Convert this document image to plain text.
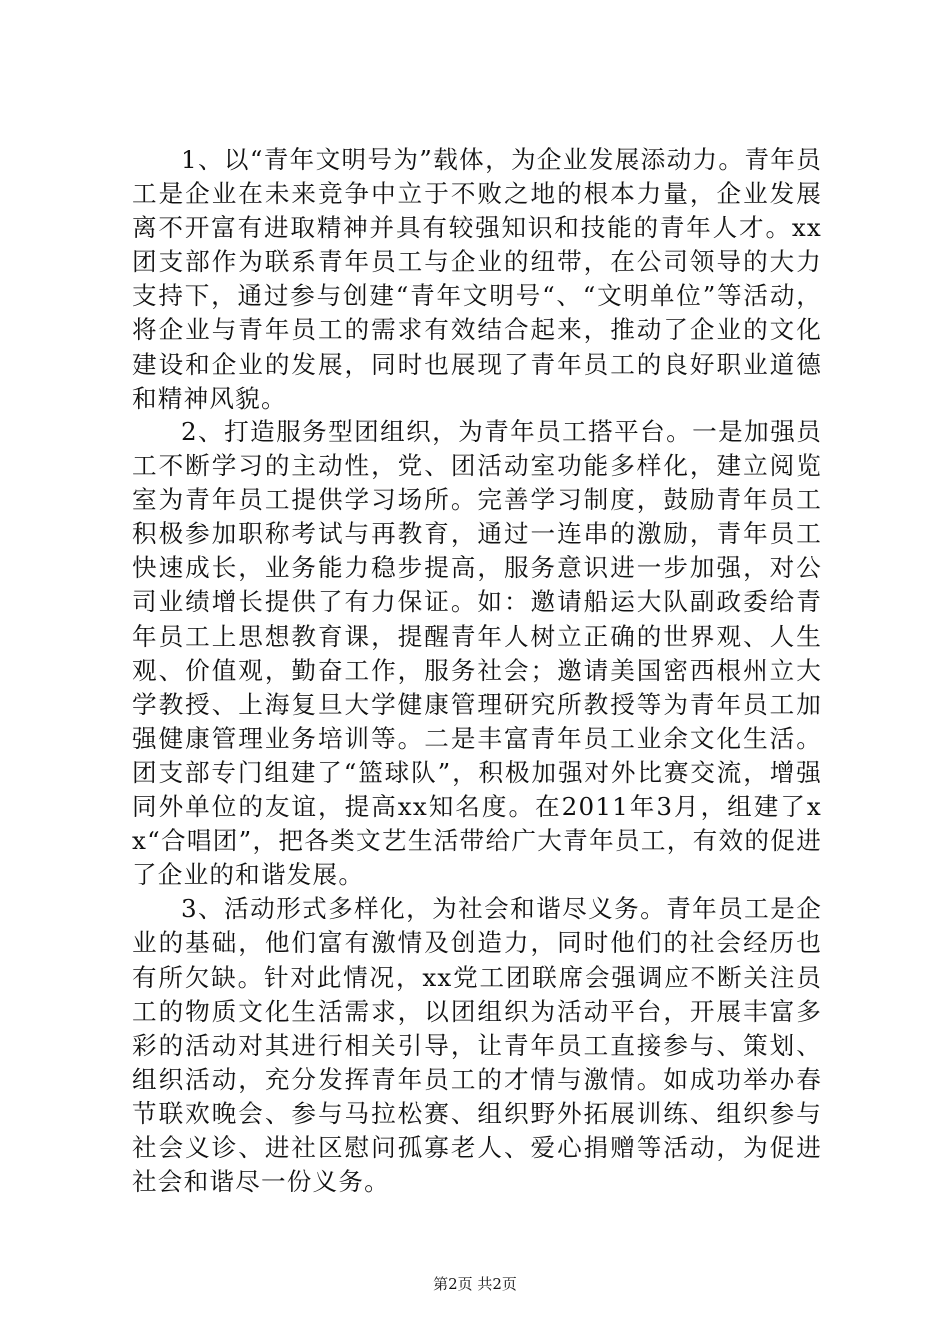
1、以“青年文明号为”载体，为企业发展添动力。青年员工是企业在未来竞争中立于不败之地的根本力量，企业发展离不开富有进取精神并具有较强知识和技能的青年人才。xx团支部作为联系青年员工与企业的纽带，在公司领导的大力支持下，通过参与创建“青年文明号“、“文明单位”等活动，将企业与青年员工的需求有效结合起来，推动了企业的文化建设和企业的发展，同时也展现了青年员工的良好职业道德和精神风貌。

2、打造服务型团组织，为青年员工搭平台。一是加强员工不断学习的主动性，党、团活动室功能多样化，建立阅览室为青年员工提供学习场所。完善学习制度，鼓励青年员工积极参加职称考试与再教育，通过一连串的激励，青年员工快速成长，业务能力稳步提高，服务意识进一步加强，对公司业绩增长提供了有力保证。如：邀请船运大队副政委给青年员工上思想教育课，提醒青年人树立正确的世界观、人生观、价值观，勤奋工作，服务社会；邀请美国密西根州立大学教授、上海复旦大学健康管理研究所教授等为青年员工加强健康管理业务培训等。二是丰富青年员工业余文化生活。团支部专门组建了“篮球队”，积极加强对外比赛交流，增强同外单位的友谊，提高xx知名度。在2011年3月，组建了xx“合唱团”，把各类文艺生活带给广大青年员工，有效的促进了企业的和谐发展。

3、活动形式多样化，为社会和谐尽义务。青年员工是企业的基础，他们富有激情及创造力，同时他们的社会经历也有所欠缺。针对此情况，xx党工团联席会强调应不断关注员工的物质文化生活需求，以团组织为活动平台，开展丰富多彩的活动对其进行相关引导，让青年员工直接参与、策划、组织活动，充分发挥青年员工的才情与激情。如成功举办春节联欢晚会、参与马拉松赛、组织野外拓展训练、组织参与社会义诊、进社区慰问孤寡老人、爱心捐赠等活动，为促进社会和谐尽一份义务。

第2页 共2页
